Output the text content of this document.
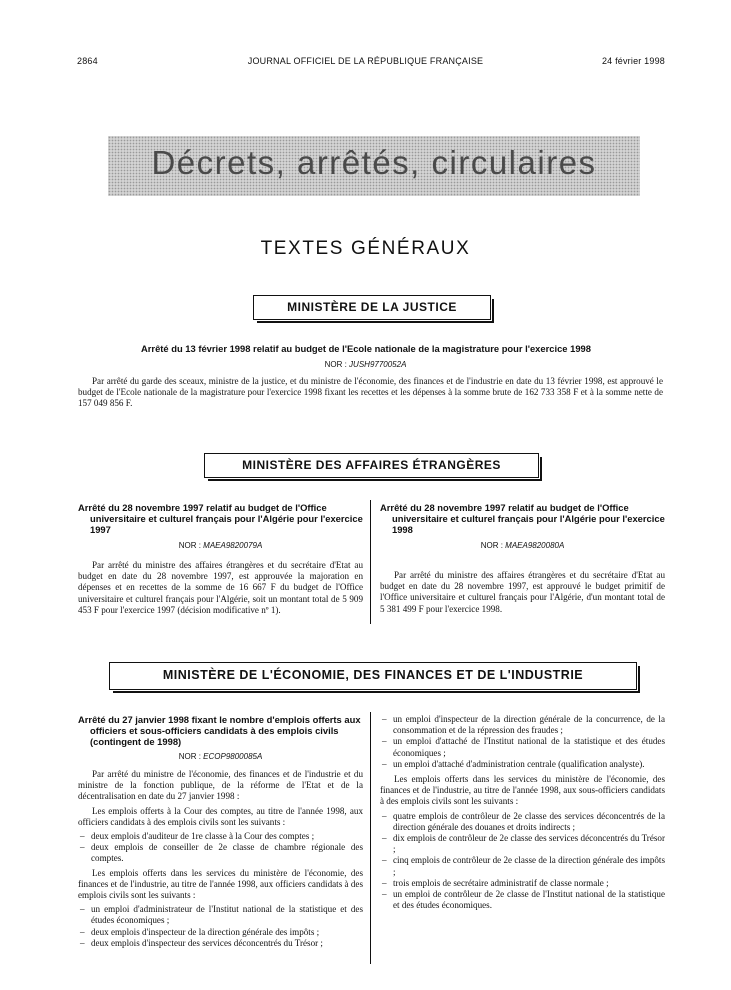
2864	JOURNAL OFFICIEL DE LA RÉPUBLIQUE FRANÇAISE	24 février 1998
Décrets, arrêtés, circulaires
TEXTES GÉNÉRAUX
MINISTÈRE DE LA JUSTICE
Arrêté du 13 février 1998 relatif au budget de l'Ecole nationale de la magistrature pour l'exercice 1998
NOR : JUSH9770052A
Par arrêté du garde des sceaux, ministre de la justice, et du ministre de l'économie, des finances et de l'industrie en date du 13 février 1998, est approuvé le budget de l'Ecole nationale de la magistrature pour l'exercice 1998 fixant les recettes et les dépenses à la somme brute de 162 733 358 F et à la somme nette de 157 049 856 F.
MINISTÈRE DES AFFAIRES ÉTRANGÈRES
Arrêté du 28 novembre 1997 relatif au budget de l'Office universitaire et culturel français pour l'Algérie pour l'exercice 1997
NOR : MAEA9820079A
Par arrêté du ministre des affaires étrangères et du secrétaire d'Etat au budget en date du 28 novembre 1997, est approuvée la majoration en dépenses et en recettes de la somme de 16 667 F du budget de l'Office universitaire et culturel français pour l'Algérie, soit un montant total de 5 909 453 F pour l'exercice 1997 (décision modificative nº 1).
Arrêté du 28 novembre 1997 relatif au budget de l'Office universitaire et culturel français pour l'Algérie pour l'exercice 1998
NOR : MAEA9820080A
Par arrêté du ministre des affaires étrangères et du secrétaire d'Etat au budget en date du 28 novembre 1997, est approuvé le budget primitif de l'Office universitaire et culturel français pour l'Algérie, d'un montant total de 5 381 499 F pour l'exercice 1998.
MINISTÈRE DE L'ÉCONOMIE, DES FINANCES ET DE L'INDUSTRIE
Arrêté du 27 janvier 1998 fixant le nombre d'emplois offerts aux officiers et sous-officiers candidats à des emplois civils (contingent de 1998)
NOR : ECOP9800085A

Par arrêté du ministre de l'économie, des finances et de l'industrie et du ministre de la fonction publique, de la réforme de l'Etat et de la décentralisation en date du 27 janvier 1998 :

Les emplois offerts à la Cour des comptes, au titre de l'année 1998, aux officiers candidats à des emplois civils sont les suivants :

– deux emplois d'auditeur de 1re classe à la Cour des comptes ;
– deux emplois de conseiller de 2e classe de chambre régionale des comptes.

Les emplois offerts dans les services du ministère de l'économie, des finances et de l'industrie, au titre de l'année 1998, aux officiers candidats à des emplois civils sont les suivants :

– un emploi d'administrateur de l'Institut national de la statistique et des études économiques ;
– deux emplois d'inspecteur de la direction générale des impôts ;
– deux emplois d'inspecteur des services déconcentrés du Trésor ;
– un emploi d'inspecteur de la direction générale de la concurrence, de la consommation et de la répression des fraudes ;
– un emploi d'attaché de l'Institut national de la statistique et des études économiques ;
– un emploi d'attaché d'administration centrale (qualification analyste).

Les emplois offerts dans les services du ministère de l'économie, des finances et de l'industrie, au titre de l'année 1998, aux sous-officiers candidats à des emplois civils sont les suivants :

– quatre emplois de contrôleur de 2e classe des services déconcentrés de la direction générale des douanes et droits indirects ;
– dix emplois de contrôleur de 2e classe des services déconcentrés du Trésor ;
– cinq emplois de contrôleur de 2e classe de la direction générale des impôts ;
– trois emplois de secrétaire administratif de classe normale ;
– un emploi de contrôleur de 2e classe de l'Institut national de la statistique et des études économiques.
